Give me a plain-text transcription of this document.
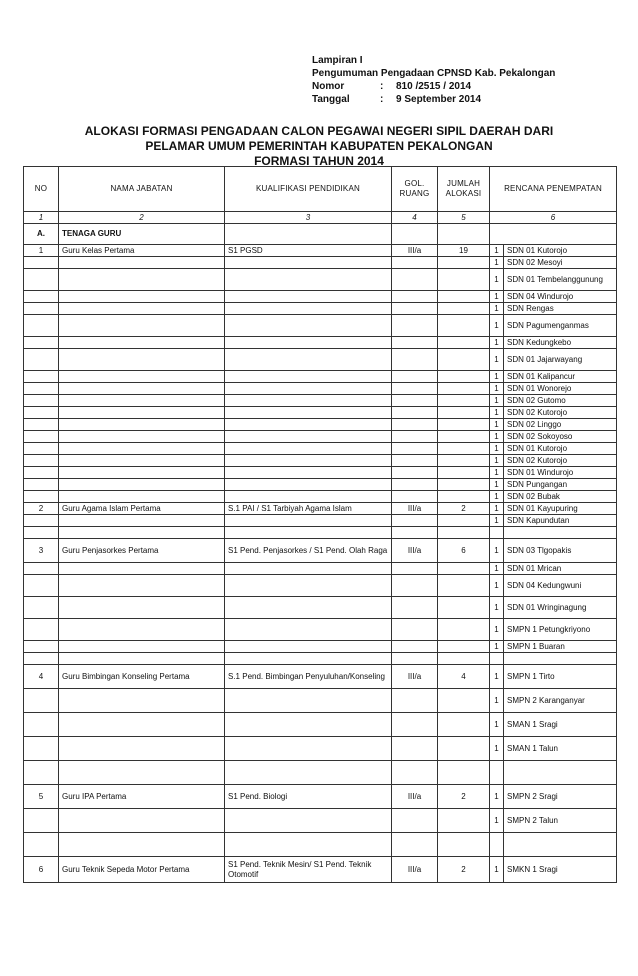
Lampiran I
Pengumuman Pengadaan CPNSD Kab. Pekalongan
Nomor	:	810 /2515 / 2014
Tanggal	:	9 September 2014
ALOKASI FORMASI PENGADAAN CALON PEGAWAI NEGERI SIPIL DAERAH DARI
PELAMAR UMUM PEMERINTAH KABUPATEN PEKALONGAN
FORMASI TAHUN 2014
NO	NAMA JABATAN	KUALIFIKASI PENDIDIKAN	GOL. RUANG	JUMLAH ALOKASI	RENCANA PENEMPATAN	
1	2	3	4	5	6	
A.	TENAGA GURU					
1	Guru Kelas Pertama	S1 PGSD	III/a	19	1	SDN 01 Kutorojo
					1	SDN 02 Mesoyi
					1	SDN 01 Tembelanggunung
					1	SDN 04 Windurojo
					1	SDN Rengas
					1	SDN Pagumenganmas
					1	SDN Kedungkebo
					1	SDN 01 Jajarwayang
					1	SDN 01 Kalipancur
					1	SDN 01 Wonorejo
					1	SDN 02 Gutomo
					1	SDN 02 Kutorojo
					1	SDN 02 Linggo
					1	SDN 02 Sokoyoso
					1	SDN 01 Kutorojo
					1	SDN 02 Kutorojo
					1	SDN 01 Windurojo
					1	SDN Pungangan
					1	SDN 02 Bubak
2	Guru Agama Islam Pertama	S.1 PAI / S1 Tarbiyah Agama Islam	III/a	2	1	SDN 01 Kayupuring
					1	SDN Kapundutan

3	Guru Penjasorkes Pertama	S1 Pend. Penjasorkes / S1 Pend. Olah Raga	III/a	6	1	SDN 03 Tlgopakis
					1	SDN 01 Mrican
					1	SDN 04 Kedungwuni
					1	SDN 01 Wringinagung
					1	SMPN 1 Petungkriyono
					1	SMPN 1 Buaran

4	Guru Bimbingan Konseling Pertama	S.1 Pend. Bimbingan Penyuluhan/Konseling	III/a	4	1	SMPN 1 Tirto
					1	SMPN 2 Karanganyar
					1	SMAN 1 Sragi
					1	SMAN 1 Talun

5	Guru IPA Pertama	S1 Pend. Biologi	III/a	2	1	SMPN 2 Sragi
					1	SMPN 2 Talun

6	Guru Teknik Sepeda Motor Pertama	S1 Pend. Teknik Mesin/ S1 Pend. Teknik Otomotif	III/a	2	1	SMKN 1 Sragi
